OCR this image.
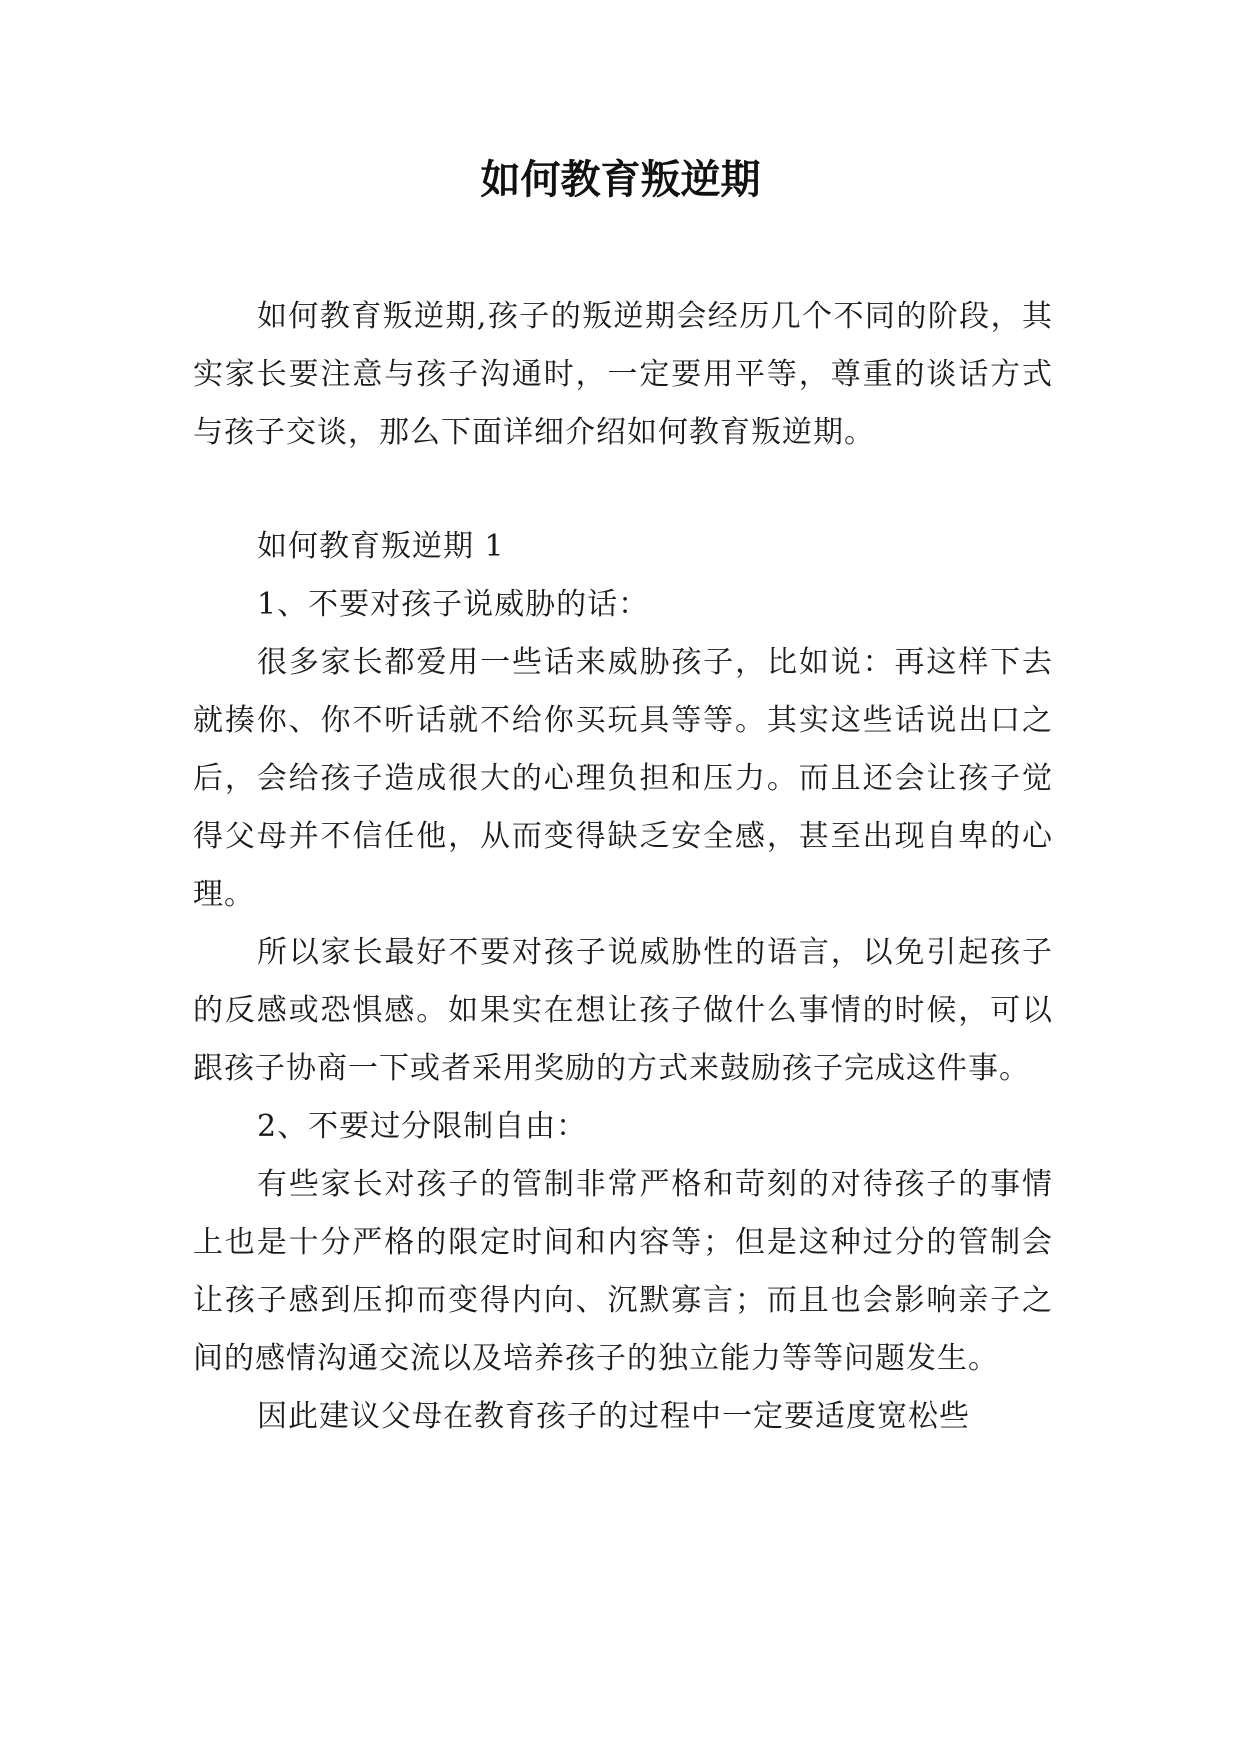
如何教育叛逆期

如何教育叛逆期,孩子的叛逆期会经历几个不同的阶段，其实家长要注意与孩子沟通时，一定要用平等，尊重的谈话方式与孩子交谈，那么下面详细介绍如何教育叛逆期。

如何教育叛逆期 1

1、不要对孩子说威胁的话：

很多家长都爱用一些话来威胁孩子，比如说：再这样下去就揍你、你不听话就不给你买玩具等等。其实这些话说出口之后，会给孩子造成很大的心理负担和压力。而且还会让孩子觉得父母并不信任他，从而变得缺乏安全感，甚至出现自卑的心理。

所以家长最好不要对孩子说威胁性的语言，以免引起孩子的反感或恐惧感。如果实在想让孩子做什么事情的时候，可以跟孩子协商一下或者采用奖励的方式来鼓励孩子完成这件事。

2、不要过分限制自由：

有些家长对孩子的管制非常严格和苛刻的对待孩子的事情上也是十分严格的限定时间和内容等；但是这种过分的管制会让孩子感到压抑而变得内向、沉默寡言；而且也会影响亲子之间的感情沟通交流以及培养孩子的独立能力等等问题发生。

因此建议父母在教育孩子的过程中一定要适度宽松些
